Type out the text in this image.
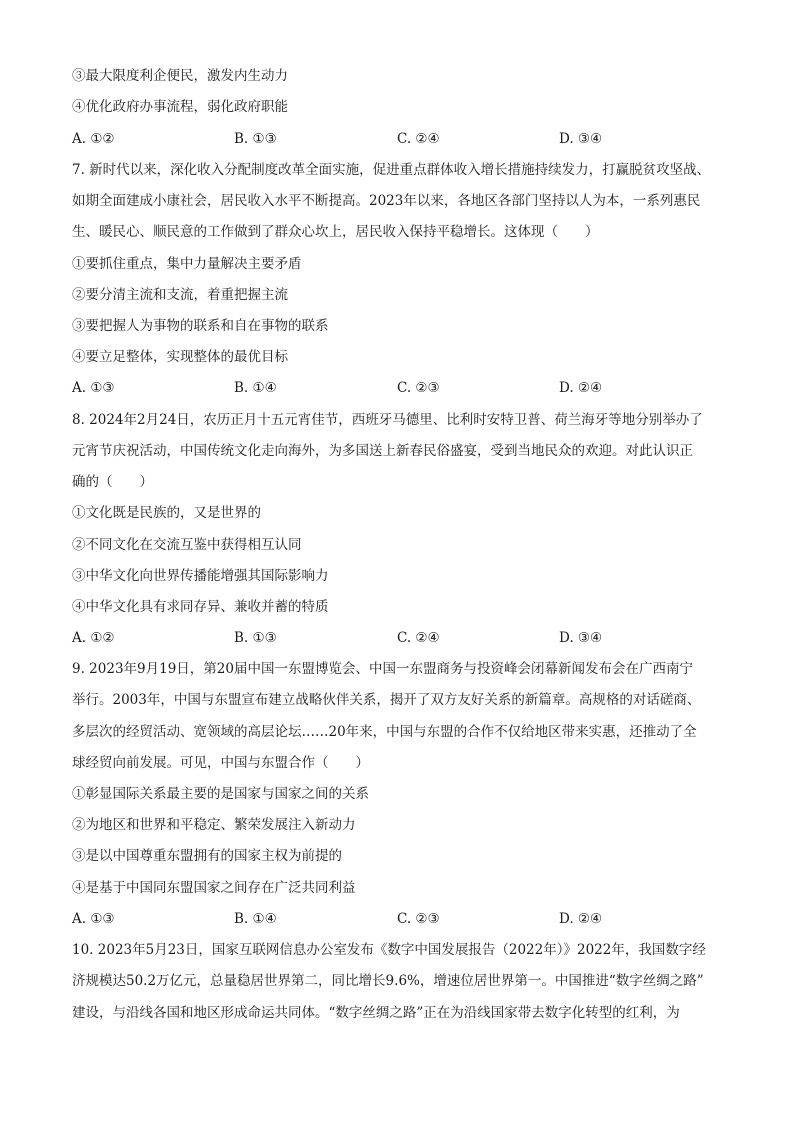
③最大限度利企便民，激发内生动力
④优化政府办事流程，弱化政府职能
A. ①②	B. ①③	C. ②④	D. ③④
7. 新时代以来，深化收入分配制度改革全面实施，促进重点群体收入增长措施持续发力，打赢脱贫攻坚战、
如期全面建成小康社会，居民收入水平不断提高。2023年以来，各地区各部门坚持以人为本，一系列惠民
生、暖民心、顺民意的工作做到了群众心坎上，居民收入保持平稳增长。这体现（　　）
①要抓住重点，集中力量解决主要矛盾
②要分清主流和支流，着重把握主流
③要把握人为事物的联系和自在事物的联系
④要立足整体，实现整体的最优目标
A. ①③	B. ①④	C. ②③	D. ②④
8. 2024年2月24日，农历正月十五元宵佳节，西班牙马德里、比利时安特卫普、荷兰海牙等地分别举办了
元宵节庆祝活动，中国传统文化走向海外，为多国送上新春民俗盛宴，受到当地民众的欢迎。对此认识正
确的（　　）
①文化既是民族的，又是世界的
②不同文化在交流互鉴中获得相互认同
③中华文化向世界传播能增强其国际影响力
④中华文化具有求同存异、兼收并蓄的特质
A. ①②	B. ①③	C. ②④	D. ③④
9. 2023年9月19日，第20届中国一东盟博览会、中国一东盟商务与投资峰会闭幕新闻发布会在广西南宁
举行。2003年，中国与东盟宣布建立战略伙伴关系，揭开了双方友好关系的新篇章。高规格的对话磋商、
多层次的经贸活动、宽领域的高层论坛……20年来，中国与东盟的合作不仅给地区带来实惠，还推动了全
球经贸向前发展。可见，中国与东盟合作（　　）
①彰显国际关系最主要的是国家与国家之间的关系
②为地区和世界和平稳定、繁荣发展注入新动力
③是以中国尊重东盟拥有的国家主权为前提的
④是基于中国同东盟国家之间存在广泛共同利益
A. ①③	B. ①④	C. ②③	D. ②④
10. 2023年5月23日，国家互联网信息办公室发布《数字中国发展报告（2022年）》2022年，我国数字经
济规模达50.2万亿元，总量稳居世界第二，同比增长9.6%，增速位居世界第一。中国推进“数字丝绸之路”
建设，与沿线各国和地区形成命运共同体。“数字丝绸之路”正在为沿线国家带去数字化转型的红利，为
